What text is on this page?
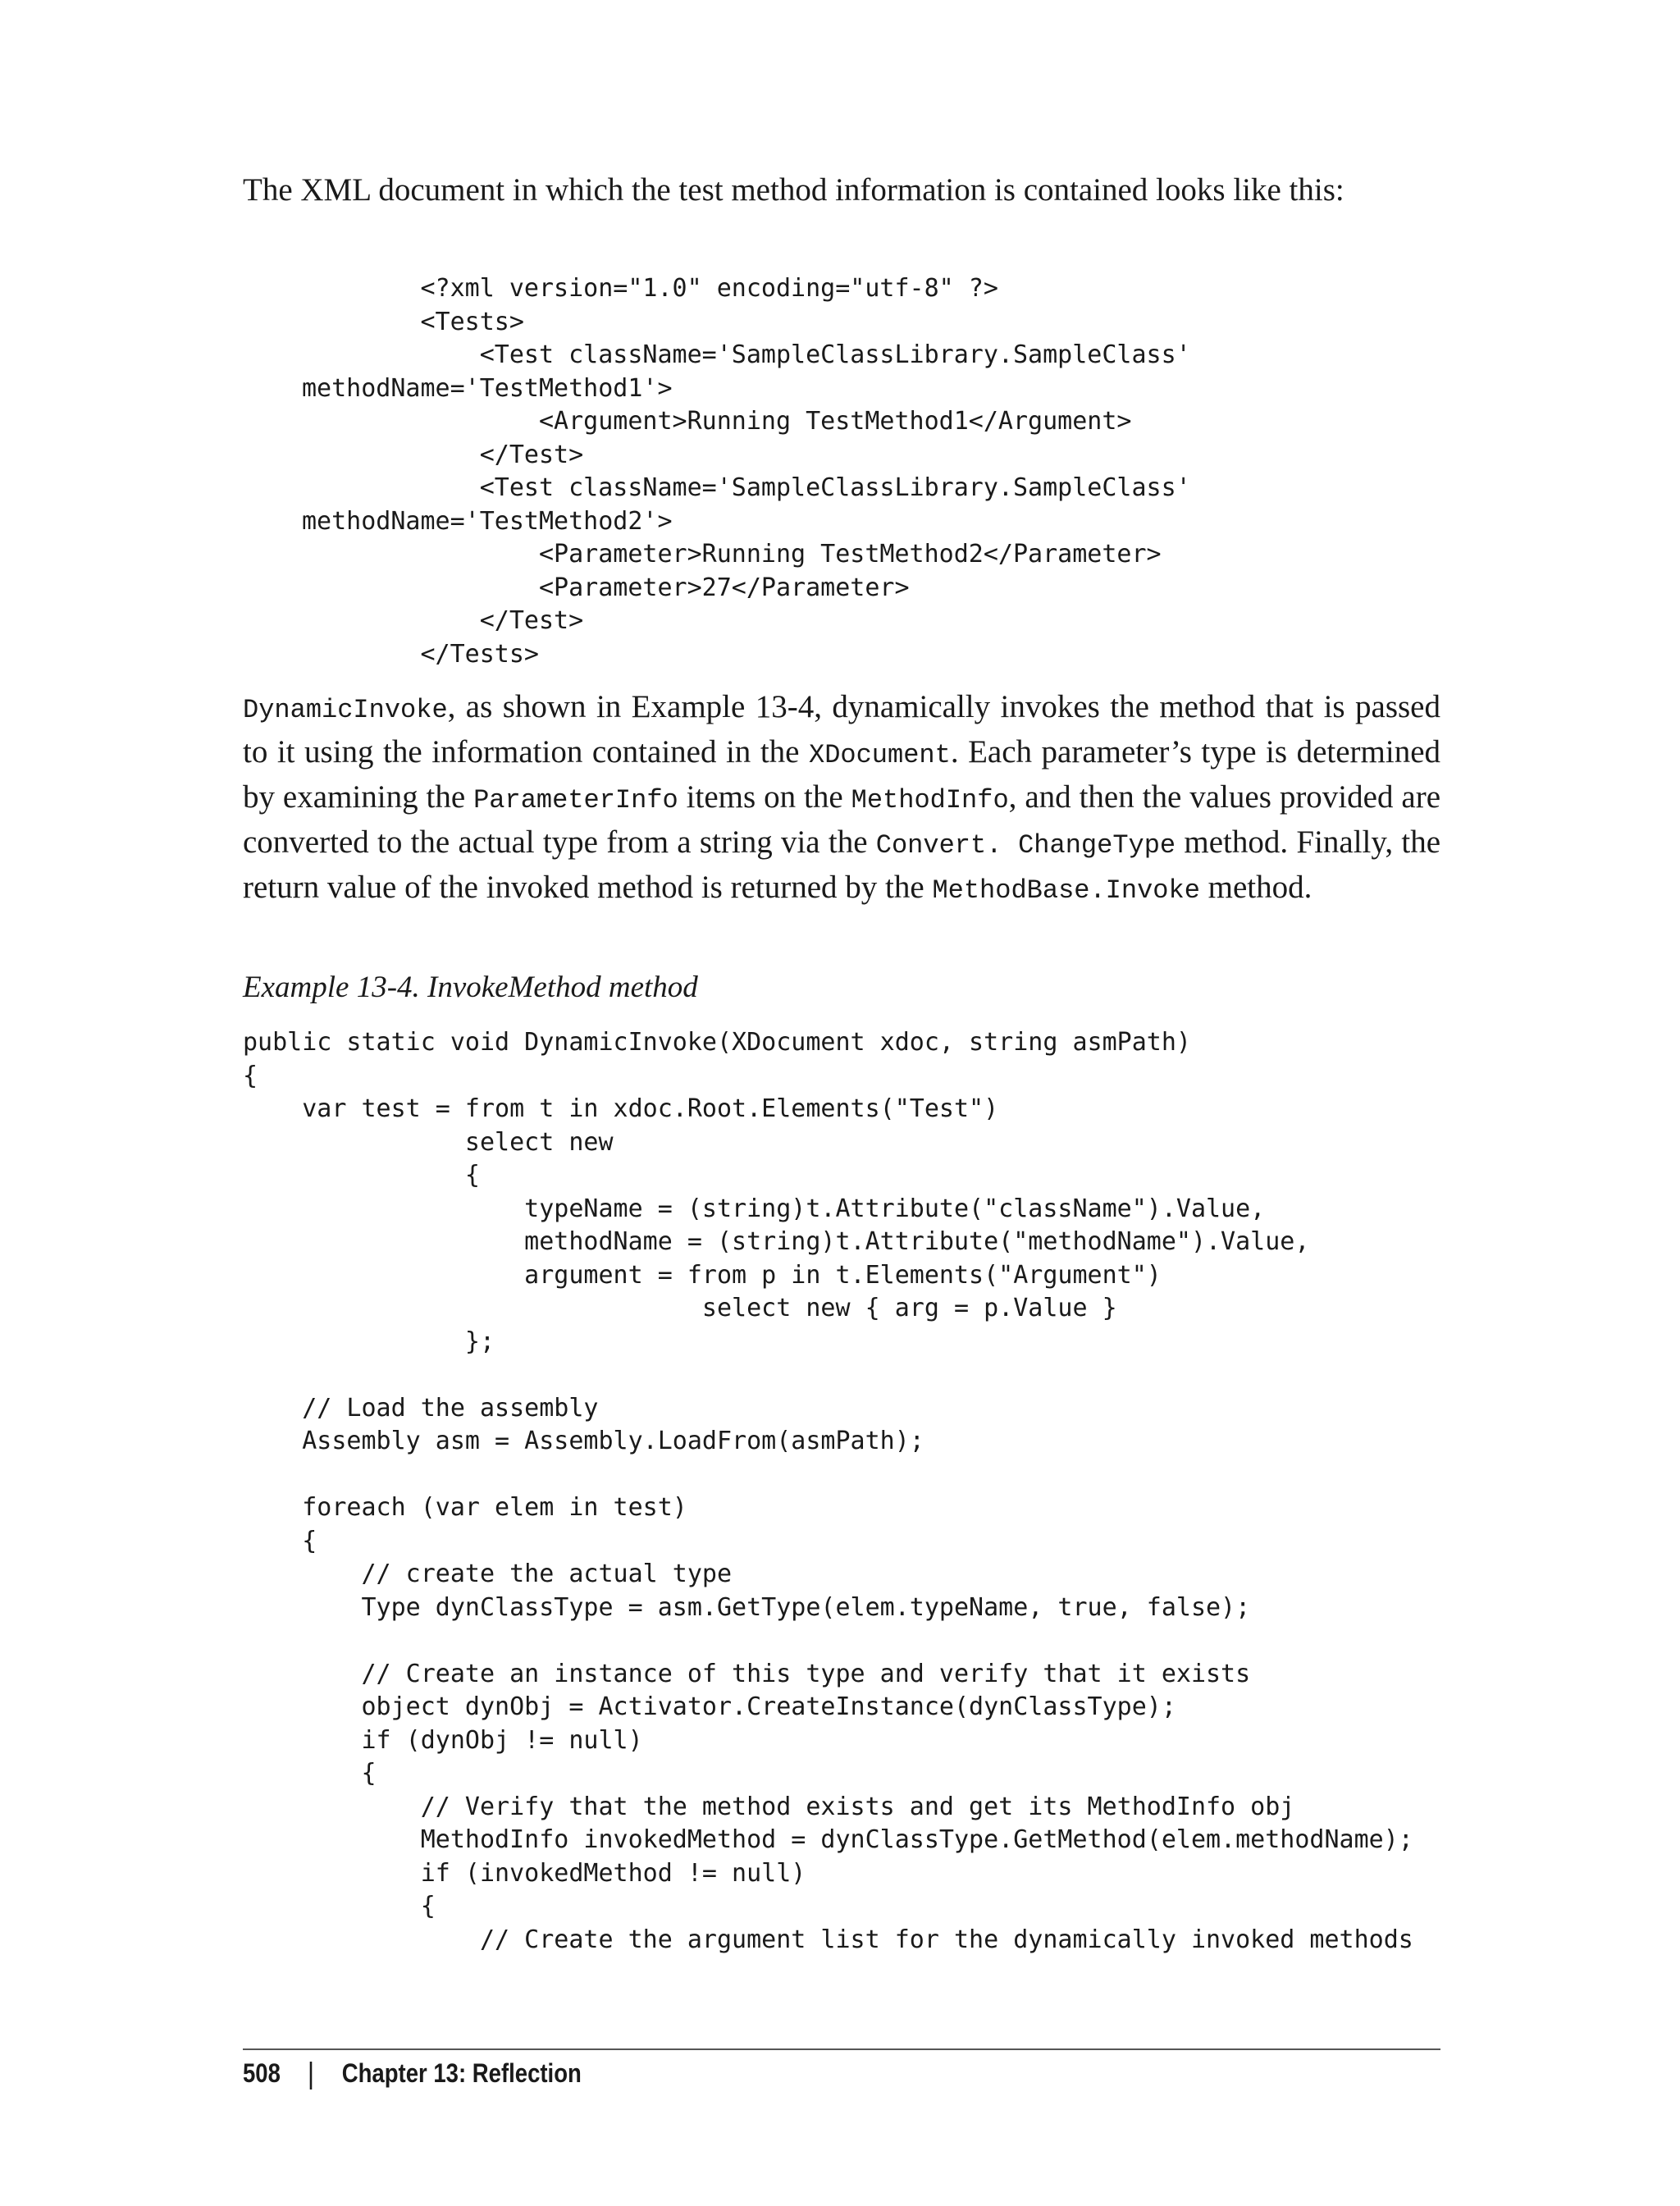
The XML document in which the test method information is contained looks like this:

<?xml version="1.0" encoding="utf-8" ?>
<Tests>
<Test className='SampleClassLibrary.SampleClass'
methodName='TestMethod1'>
<Argument>Running TestMethod1</Argument>
</Test>
<Test className='SampleClassLibrary.SampleClass'
methodName='TestMethod2'>
<Parameter>Running TestMethod2</Parameter>
<Parameter>27</Parameter>
</Test>
</Tests>

DynamicInvoke, as shown in Example 13-4, dynamically invokes the method that is passed to it using the information contained in the XDocument. Each parameter’s type is determined by examining the ParameterInfo items on the MethodInfo, and then the values provided are converted to the actual type from a string via the Convert. ChangeType method. Finally, the return value of the invoked method is returned by the MethodBase.Invoke method.

Example 13-4. InvokeMethod method

public static void DynamicInvoke(XDocument xdoc, string asmPath)
{
var test = from t in xdoc.Root.Elements("Test")
select new
{
typeName = (string)t.Attribute("className").Value,
methodName = (string)t.Attribute("methodName").Value,
argument = from p in t.Elements("Argument")
select new { arg = p.Value }
};

// Load the assembly
Assembly asm = Assembly.LoadFrom(asmPath);

foreach (var elem in test)
{
// create the actual type
Type dynClassType = asm.GetType(elem.typeName, true, false);

// Create an instance of this type and verify that it exists
object dynObj = Activator.CreateInstance(dynClassType);
if (dynObj != null)
{
// Verify that the method exists and get its MethodInfo obj
MethodInfo invokedMethod = dynClassType.GetMethod(elem.methodName);
if (invokedMethod != null)
{
// Create the argument list for the dynamically invoked methods
508 Chapter 13: Reflection
